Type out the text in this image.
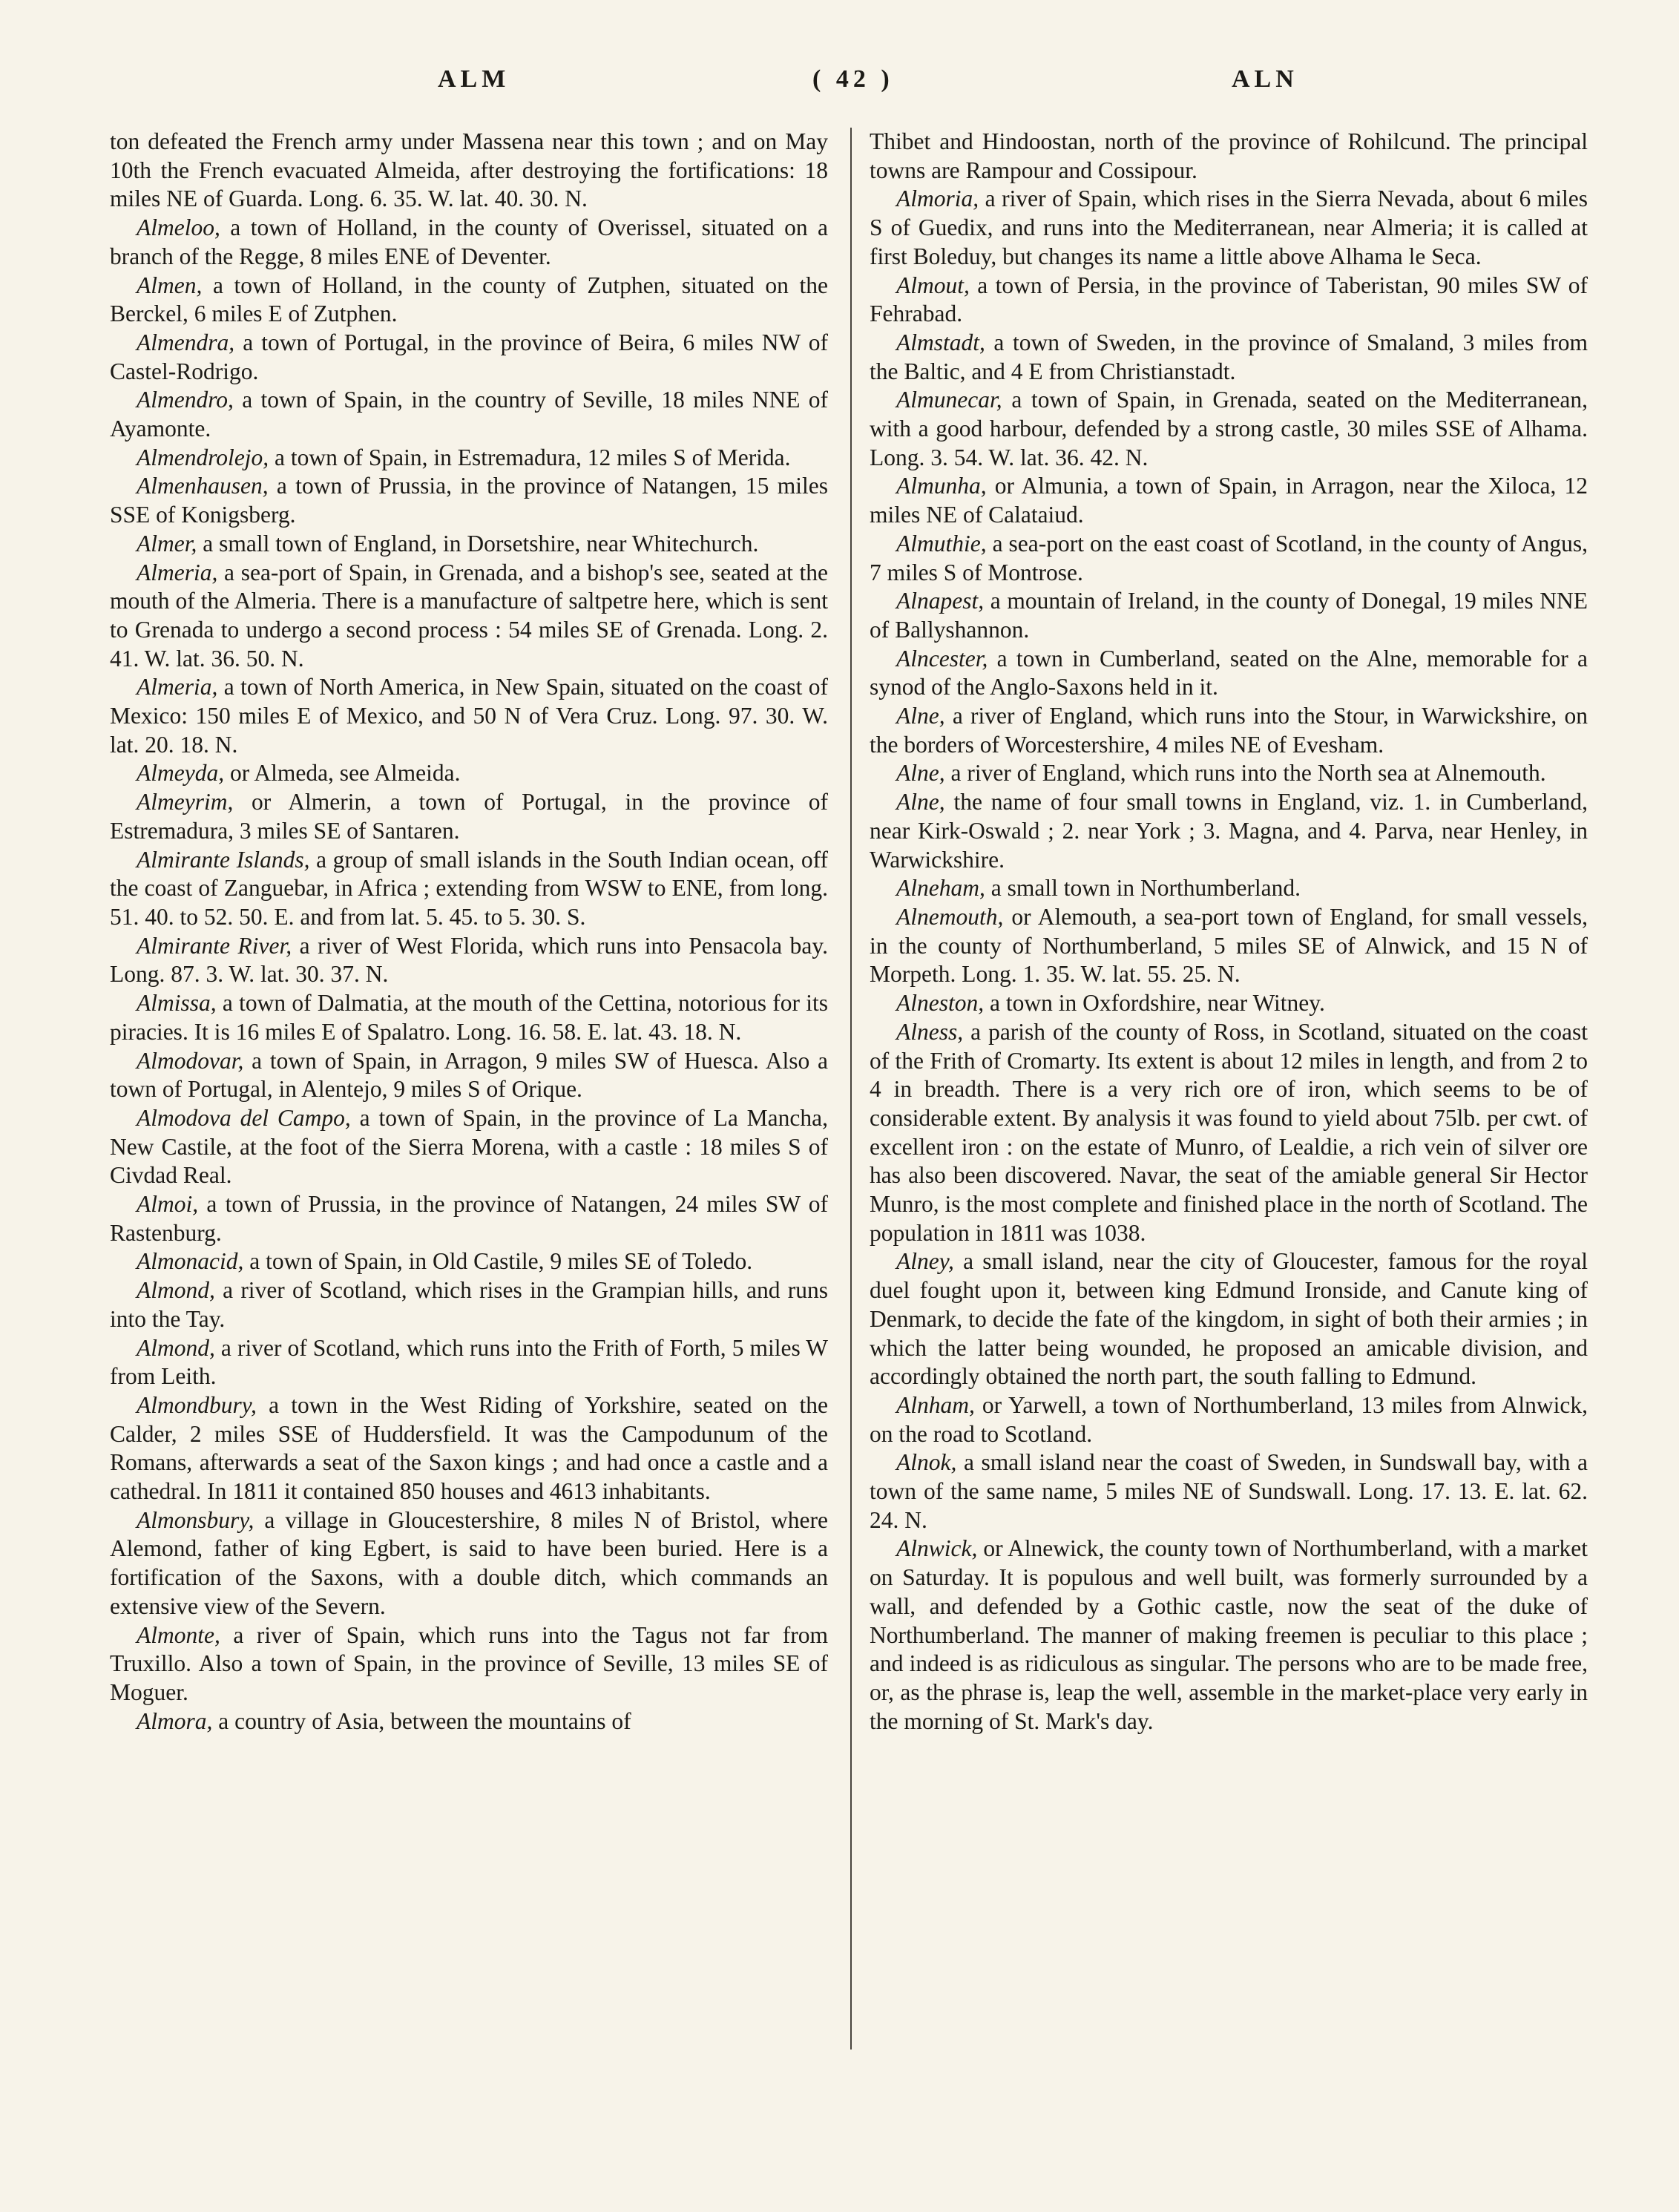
ALM	( 42 )	ALN

ton defeated the French army under Massena near this town ; and on May 10th the French evacuated Almeida, after destroying the fortifications: 18 miles NE of Guarda. Long. 6. 35. W. lat. 40. 30. N.

Almeloo, a town of Holland, in the county of Overissel, situated on a branch of the Regge, 8 miles ENE of Deventer.

Almen, a town of Holland, in the county of Zutphen, situated on the Berckel, 6 miles E of Zutphen.

Almendra, a town of Portugal, in the province of Beira, 6 miles NW of Castel-Rodrigo.

Almendro, a town of Spain, in the country of Seville, 18 miles NNE of Ayamonte.

Almendrolejo, a town of Spain, in Estremadura, 12 miles S of Merida.

Almenhausen, a town of Prussia, in the province of Natangen, 15 miles SSE of Konigsberg.

Almer, a small town of England, in Dorsetshire, near Whitechurch.

Almeria, a sea-port of Spain, in Grenada, and a bishop's see, seated at the mouth of the Almeria. There is a manufacture of saltpetre here, which is sent to Grenada to undergo a second process : 54 miles SE of Grenada. Long. 2. 41. W. lat. 36. 50. N.

Almeria, a town of North America, in New Spain, situated on the coast of Mexico: 150 miles E of Mexico, and 50 N of Vera Cruz. Long. 97. 30. W. lat. 20. 18. N.

Almeyda, or Almeda, see Almeida.

Almeyrim, or Almerin, a town of Portugal, in the province of Estremadura, 3 miles SE of Santaren.

Almirante Islands, a group of small islands in the South Indian ocean, off the coast of Zanguebar, in Africa ; extending from WSW to ENE, from long. 51. 40. to 52. 50. E. and from lat. 5. 45. to 5. 30. S.

Almirante River, a river of West Florida, which runs into Pensacola bay. Long. 87. 3. W. lat. 30. 37. N.

Almissa, a town of Dalmatia, at the mouth of the Cettina, notorious for its piracies. It is 16 miles E of Spalatro. Long. 16. 58. E. lat. 43. 18. N.

Almodovar, a town of Spain, in Arragon, 9 miles SW of Huesca. Also a town of Portugal, in Alentejo, 9 miles S of Orique.

Almodova del Campo, a town of Spain, in the province of La Mancha, New Castile, at the foot of the Sierra Morena, with a castle : 18 miles S of Civdad Real.

Almoi, a town of Prussia, in the province of Natangen, 24 miles SW of Rastenburg.

Almonacid, a town of Spain, in Old Castile, 9 miles SE of Toledo.

Almond, a river of Scotland, which rises in the Grampian hills, and runs into the Tay.

Almond, a river of Scotland, which runs into the Frith of Forth, 5 miles W from Leith.

Almondbury, a town in the West Riding of Yorkshire, seated on the Calder, 2 miles SSE of Huddersfield. It was the Campodunum of the Romans, afterwards a seat of the Saxon kings ; and had once a castle and a cathedral. In 1811 it contained 850 houses and 4613 inhabitants.

Almonsbury, a village in Gloucestershire, 8 miles N of Bristol, where Alemond, father of king Egbert, is said to have been buried. Here is a fortification of the Saxons, with a double ditch, which commands an extensive view of the Severn.

Almonte, a river of Spain, which runs into the Tagus not far from Truxillo. Also a town of Spain, in the province of Seville, 13 miles SE of Moguer.

Almora, a country of Asia, between the mountains of

Thibet and Hindoostan, north of the province of Rohilcund. The principal towns are Rampour and Cossipour.

Almoria, a river of Spain, which rises in the Sierra Nevada, about 6 miles S of Guedix, and runs into the Mediterranean, near Almeria; it is called at first Boleduy, but changes its name a little above Alhama le Seca.

Almout, a town of Persia, in the province of Taberistan, 90 miles SW of Fehrabad.

Almstadt, a town of Sweden, in the province of Smaland, 3 miles from the Baltic, and 4 E from Christianstadt.

Almunecar, a town of Spain, in Grenada, seated on the Mediterranean, with a good harbour, defended by a strong castle, 30 miles SSE of Alhama. Long. 3. 54. W. lat. 36. 42. N.

Almunha, or Almunia, a town of Spain, in Arragon, near the Xiloca, 12 miles NE of Calataiud.

Almuthie, a sea-port on the east coast of Scotland, in the county of Angus, 7 miles S of Montrose.

Alnapest, a mountain of Ireland, in the county of Donegal, 19 miles NNE of Ballyshannon.

Alncester, a town in Cumberland, seated on the Alne, memorable for a synod of the Anglo-Saxons held in it.

Alne, a river of England, which runs into the Stour, in Warwickshire, on the borders of Worcestershire, 4 miles NE of Evesham.

Alne, a river of England, which runs into the North sea at Alnemouth.

Alne, the name of four small towns in England, viz. 1. in Cumberland, near Kirk-Oswald ; 2. near York ; 3. Magna, and 4. Parva, near Henley, in Warwickshire.

Alneham, a small town in Northumberland.

Alnemouth, or Alemouth, a sea-port town of England, for small vessels, in the county of Northumberland, 5 miles SE of Alnwick, and 15 N of Morpeth. Long. 1. 35. W. lat. 55. 25. N.

Alneston, a town in Oxfordshire, near Witney.

Alness, a parish of the county of Ross, in Scotland, situated on the coast of the Frith of Cromarty. Its extent is about 12 miles in length, and from 2 to 4 in breadth. There is a very rich ore of iron, which seems to be of considerable extent. By analysis it was found to yield about 75lb. per cwt. of excellent iron : on the estate of Munro, of Lealdie, a rich vein of silver ore has also been discovered. Navar, the seat of the amiable general Sir Hector Munro, is the most complete and finished place in the north of Scotland. The population in 1811 was 1038.

Alney, a small island, near the city of Gloucester, famous for the royal duel fought upon it, between king Edmund Ironside, and Canute king of Denmark, to decide the fate of the kingdom, in sight of both their armies ; in which the latter being wounded, he proposed an amicable division, and accordingly obtained the north part, the south falling to Edmund.

Alnham, or Yarwell, a town of Northumberland, 13 miles from Alnwick, on the road to Scotland.

Alnok, a small island near the coast of Sweden, in Sundswall bay, with a town of the same name, 5 miles NE of Sundswall. Long. 17. 13. E. lat. 62. 24. N.

Alnwick, or Alnewick, the county town of Northumberland, with a market on Saturday. It is populous and well built, was formerly surrounded by a wall, and defended by a Gothic castle, now the seat of the duke of Northumberland. The manner of making freemen is peculiar to this place ; and indeed is as ridiculous as singular. The persons who are to be made free, or, as the phrase is, leap the well, assemble in the market-place very early in the morning of St. Mark's day.
